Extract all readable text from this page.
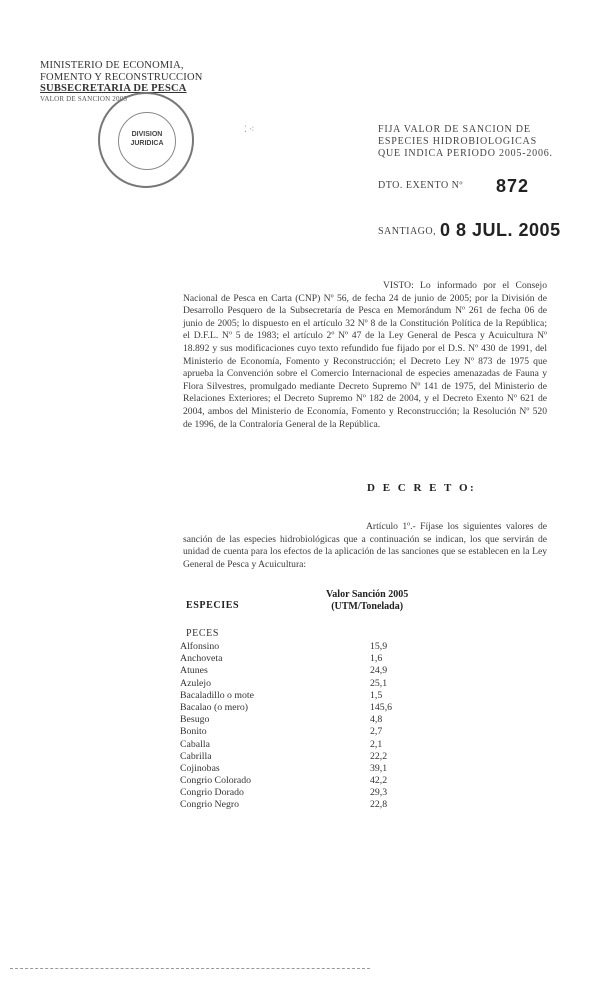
MINISTERIO DE ECONOMIA,
FOMENTO Y RECONSTRUCCION
SUBSECRETARIA DE PESCA
VALOR DE SANCION 2005
DIVISION
JURIDICA
⁚ ⁖	FIJA VALOR DE SANCION DE
ESPECIES HIDROBIOLOGICAS
QUE INDICA PERIODO 2005-2006.
DTO. EXENTO Nº 872
SANTIAGO, 0 8 JUL. 2005
VISTO: Lo informado por el Consejo Nacional de Pesca en Carta (CNP) Nº 56, de fecha 24 de junio de 2005; por la División de Desarrollo Pesquero de la Subsecretaría de Pesca en Memorándum Nº 261 de fecha 06 de junio de 2005; lo dispuesto en el artículo 32 Nº 8 de la Constitución Política de la República; el D.F.L. Nº 5 de 1983; el artículo 2º Nº 47 de la Ley General de Pesca y Acuicultura Nº 18.892 y sus modificaciones cuyo texto refundido fue fijado por el D.S. Nº 430 de 1991, del Ministerio de Economía, Fomento y Reconstrucción; el Decreto Ley Nº 873 de 1975 que aprueba la Convención sobre el Comercio Internacional de especies amenazadas de Fauna y Flora Silvestres, promulgado mediante Decreto Supremo Nº 141 de 1975, del Ministerio de Relaciones Exteriores; el Decreto Supremo Nº 182 de 2004, y el Decreto Exento Nº 621 de 2004, ambos del Ministerio de Economía, Fomento y Reconstrucción; la Resolución Nº 520 de 1996, de la Contraloría General de la República.
D E C R E T O:
Artículo 1º.- Fíjase los siguientes valores de sanción de las especies hidrobiológicas que a continuación se indican, los que servirán de unidad de cuenta para los efectos de la aplicación de las sanciones que se establecen en la Ley General de Pesca y Acuicultura:
Valor Sanción 2005
(UTM/Tonelada)
ESPECIES
PECES
Alfonsino	15,9
Anchoveta	1,6
Atunes	24,9
Azulejo	25,1
Bacaladillo o mote	1,5
Bacalao (o mero)	145,6
Besugo	4,8
Bonito	2,7
Caballa	2,1
Cabrilla	22,2
Cojinobas	39,1
Congrio Colorado	42,2
Congrio Dorado	29,3
Congrio Negro	22,8
